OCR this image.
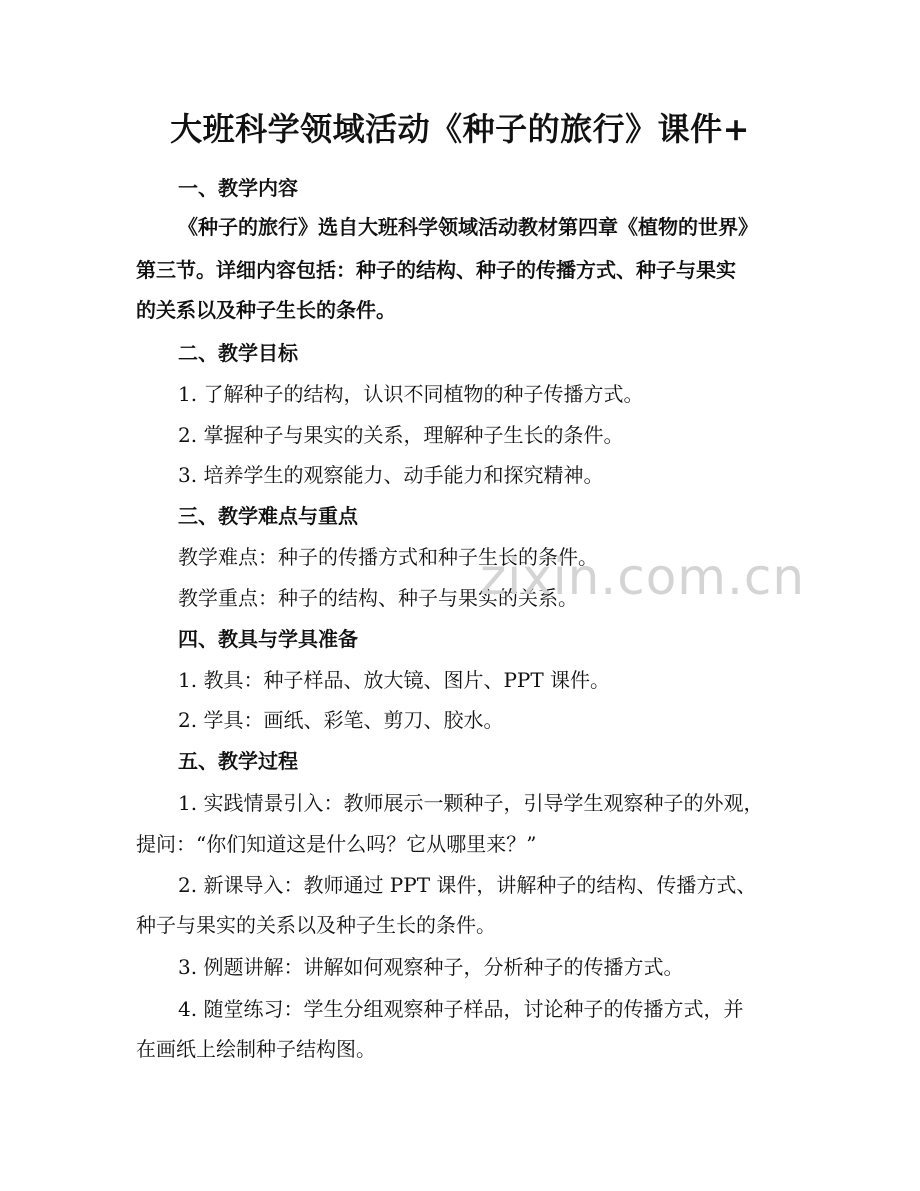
大班科学领域活动《种子的旅行》课件+

一、教学内容

《种子的旅行》选自大班科学领域活动教材第四章《植物的世界》

第三节。详细内容包括：种子的结构、种子的传播方式、种子与果实

的关系以及种子生长的条件。

二、教学目标

1. 了解种子的结构，认识不同植物的种子传播方式。

2. 掌握种子与果实的关系，理解种子生长的条件。

3. 培养学生的观察能力、动手能力和探究精神。

三、教学难点与重点

教学难点：种子的传播方式和种子生长的条件。

教学重点：种子的结构、种子与果实的关系。

四、教具与学具准备

1. 教具：种子样品、放大镜、图片、PPT 课件。

2. 学具：画纸、彩笔、剪刀、胶水。

五、教学过程

1. 实践情景引入：教师展示一颗种子，引导学生观察种子的外观，

提问：“你们知道这是什么吗？它从哪里来？”

2. 新课导入：教师通过 PPT 课件，讲解种子的结构、传播方式、

种子与果实的关系以及种子生长的条件。

3. 例题讲解：讲解如何观察种子，分析种子的传播方式。

4. 随堂练习：学生分组观察种子样品，讨论种子的传播方式，并

在画纸上绘制种子结构图。

zixin.com.cn
